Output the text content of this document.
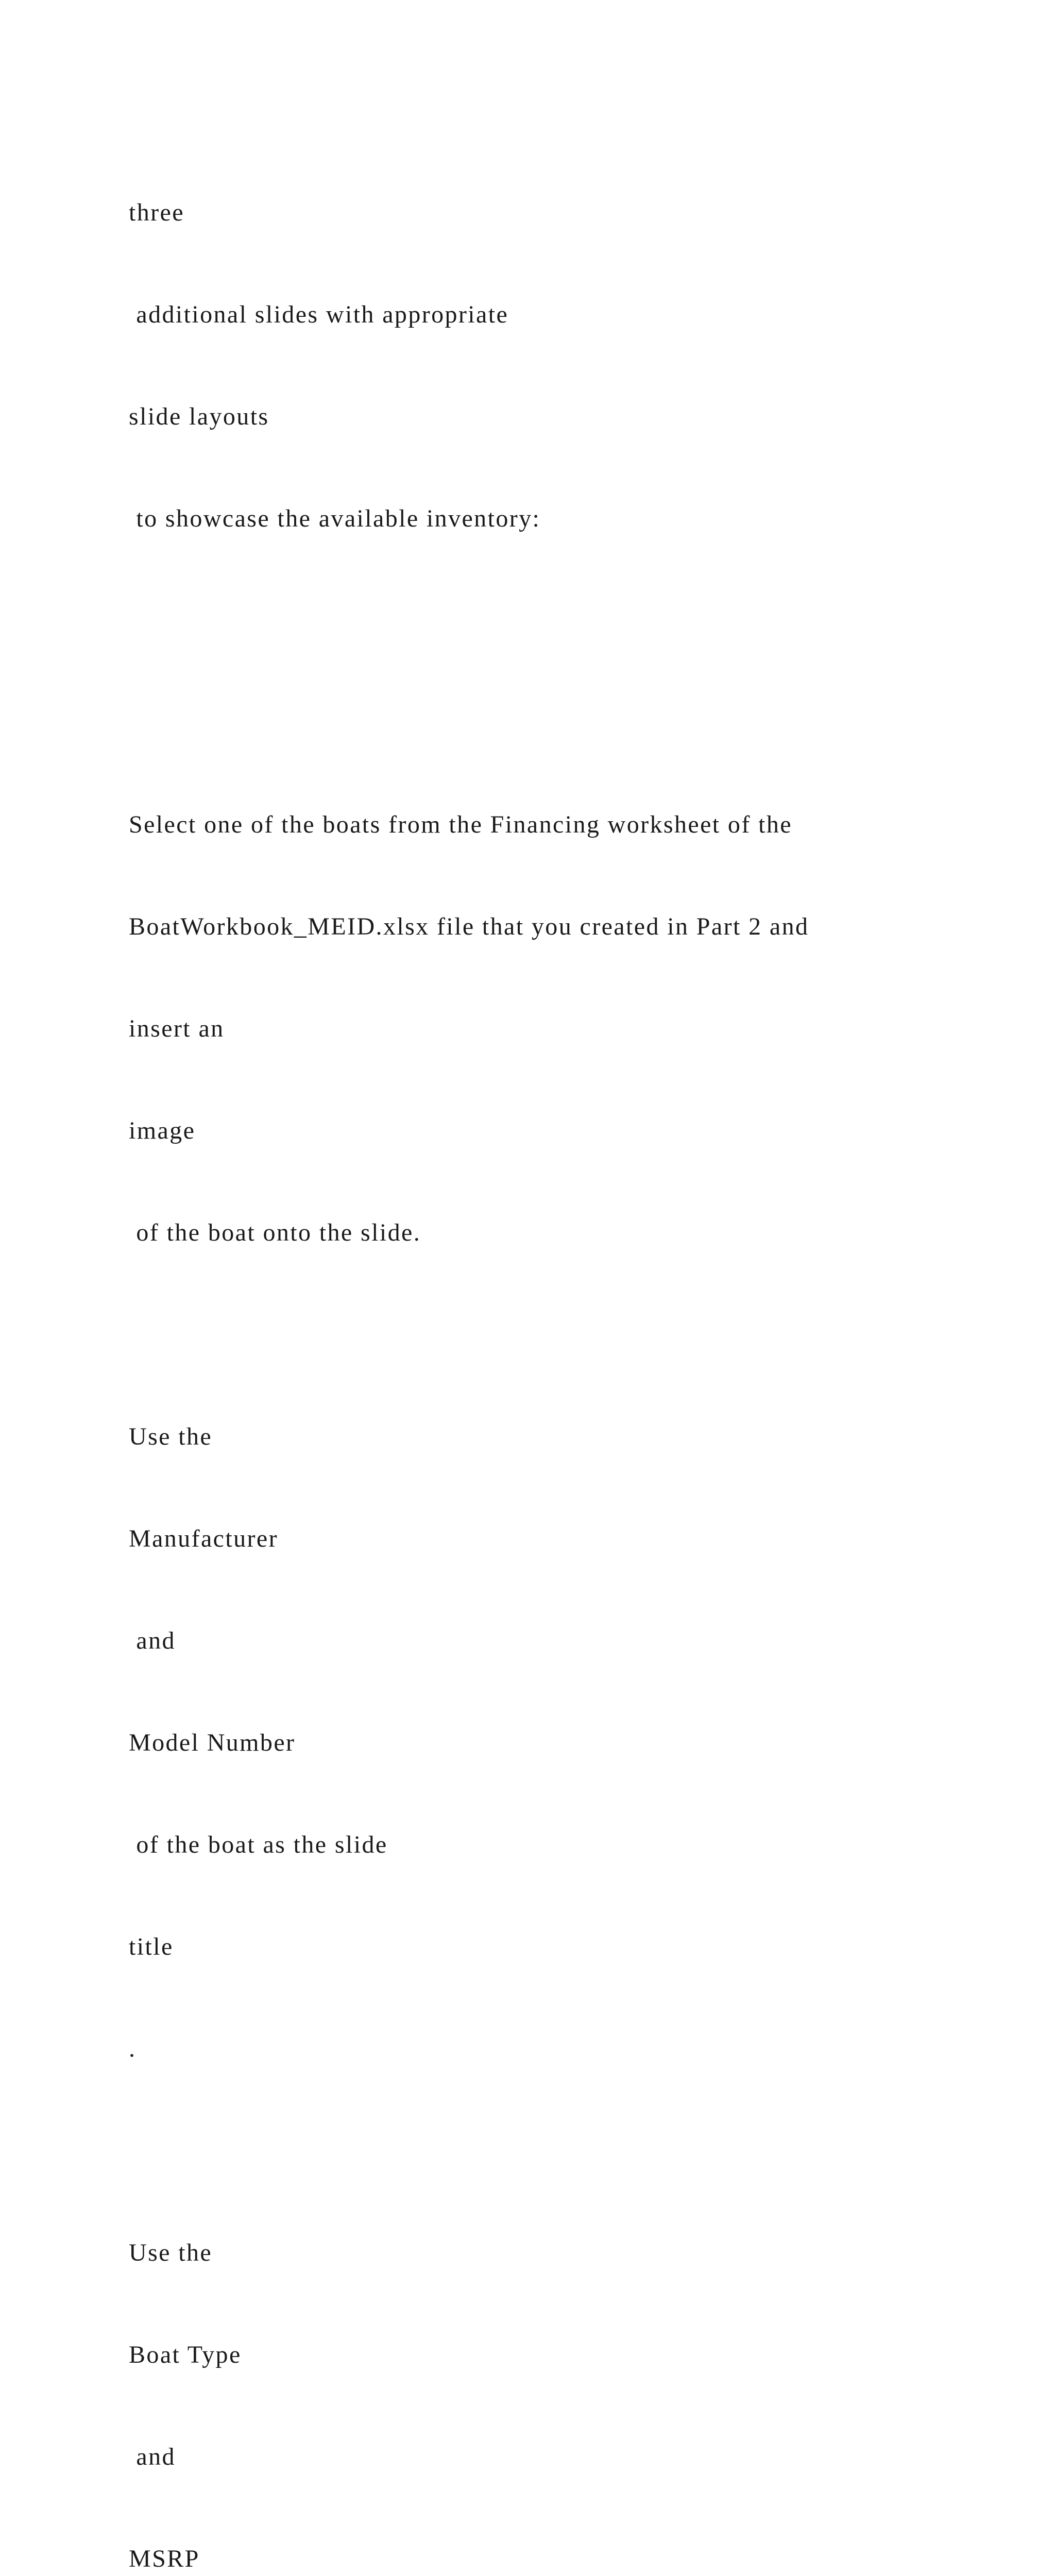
three

additional slides with appropriate

slide layouts

to showcase the available inventory:

Select one of the boats from the Financing worksheet of the

BoatWorkbook_MEID.xlsx file that you created in Part 2 and

insert an

image

of the boat onto the slide.

Use the

Manufacturer

and

Model Number

of the boat as the slide

title

.

Use the

Boat Type

and

MSRP
